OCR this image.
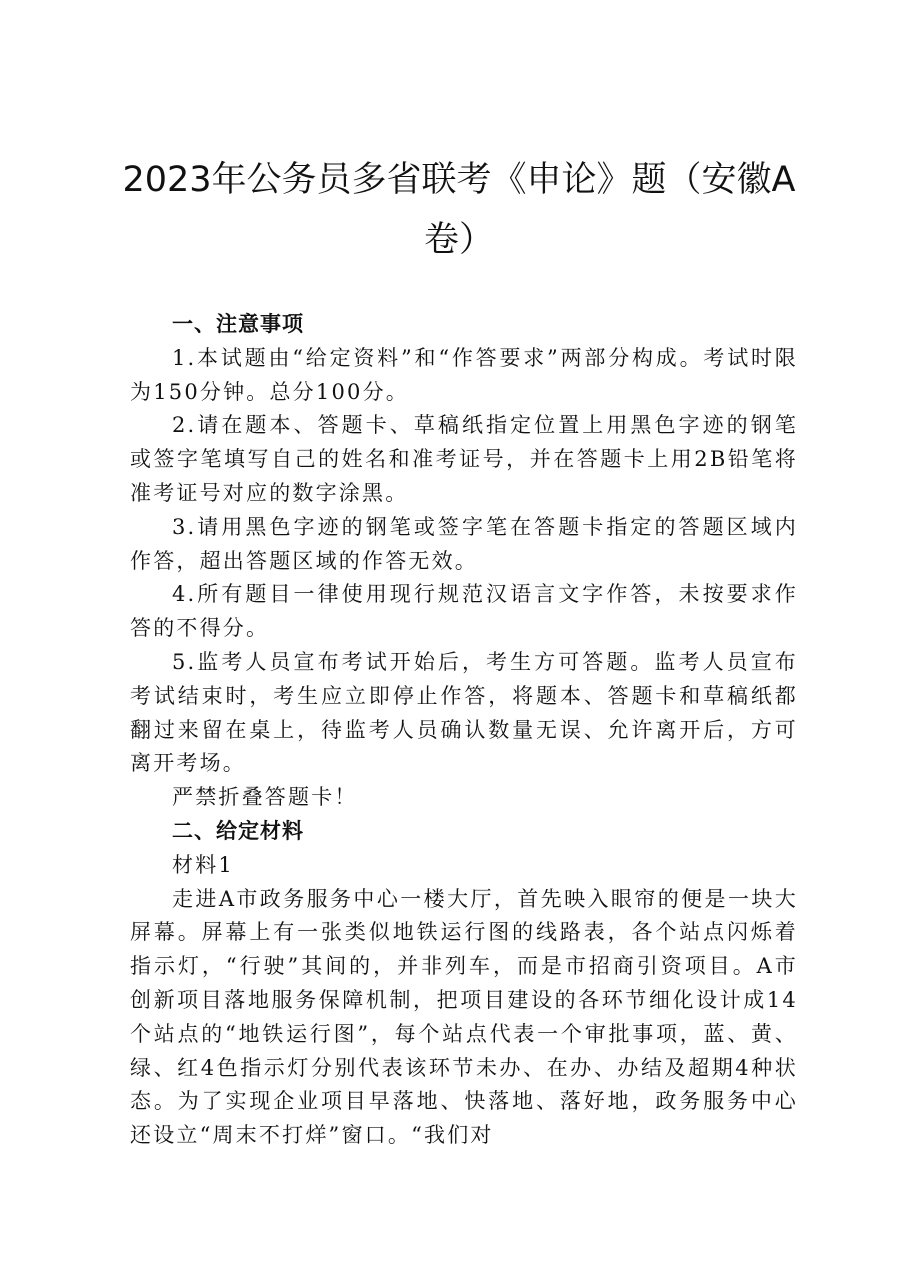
2023年公务员多省联考《申论》题（安徽A
卷）

一、注意事项

1.本试题由“给定资料”和“作答要求”两部分构成。考试时限为150分钟。总分100分。

2.请在题本、答题卡、草稿纸指定位置上用黑色字迹的钢笔或签字笔填写自己的姓名和准考证号，并在答题卡上用2B铅笔将准考证号对应的数字涂黑。

3.请用黑色字迹的钢笔或签字笔在答题卡指定的答题区域内作答，超出答题区域的作答无效。

4.所有题目一律使用现行规范汉语言文字作答，未按要求作答的不得分。

5.监考人员宣布考试开始后，考生方可答题。监考人员宣布考试结束时，考生应立即停止作答，将题本、答题卡和草稿纸都翻过来留在桌上，待监考人员确认数量无误、允许离开后，方可离开考场。

严禁折叠答题卡！

二、给定材料

材料1

走进A市政务服务中心一楼大厅，首先映入眼帘的便是一块大屏幕。屏幕上有一张类似地铁运行图的线路表，各个站点闪烁着指示灯，“行驶”其间的，并非列车，而是市招商引资项目。A市创新项目落地服务保障机制，把项目建设的各环节细化设计成14个站点的“地铁运行图”，每个站点代表一个审批事项，蓝、黄、绿、红4色指示灯分别代表该环节未办、在办、办结及超期4种状态。为了实现企业项目早落地、快落地、落好地，政务服务中心还设立“周末不打烊”窗口。“我们对
